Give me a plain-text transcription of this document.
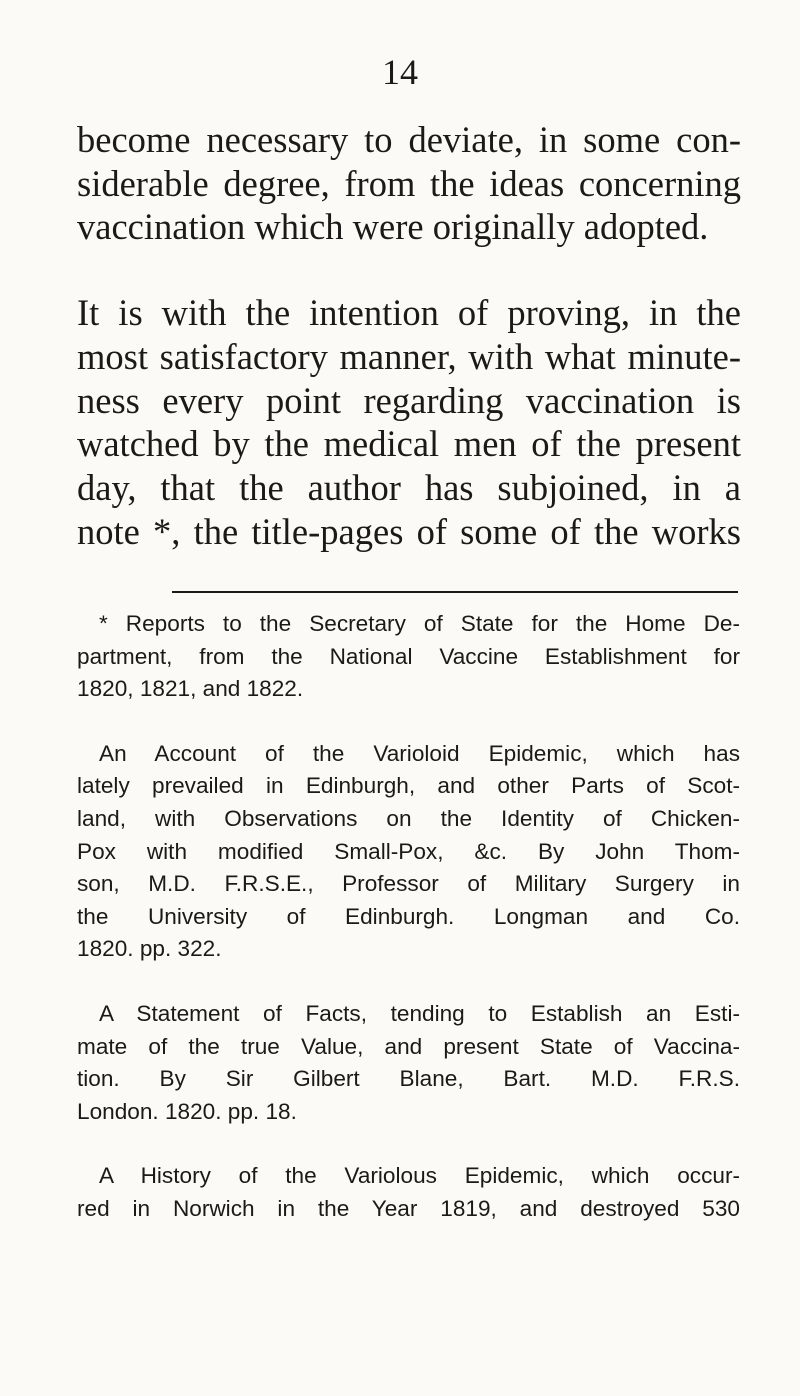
14

become necessary to deviate, in some con-
siderable degree, from the ideas concerning
vaccination which were originally adopted.

It is with the intention of proving, in the
most satisfactory manner, with what minute-
ness every point regarding vaccination is
watched by the medical men of the present
day, that the author has subjoined, in a
note *, the title-pages of some of the works

* Reports to the Secretary of State for the Home De-
partment, from the National Vaccine Establishment for
1820, 1821, and 1822.

An Account of the Varioloid Epidemic, which has
lately prevailed in Edinburgh, and other Parts of Scot-
land, with Observations on the Identity of Chicken-
Pox with modified Small-Pox, &c. By John Thom-
son, M.D. F.R.S.E., Professor of Military Surgery in
the University of Edinburgh. Longman and Co.
1820. pp. 322.

A Statement of Facts, tending to Establish an Esti-
mate of the true Value, and present State of Vaccina-
tion. By Sir Gilbert Blane, Bart. M.D. F.R.S.
London. 1820. pp. 18.

A History of the Variolous Epidemic, which occur-
red in Norwich in the Year 1819, and destroyed 530
